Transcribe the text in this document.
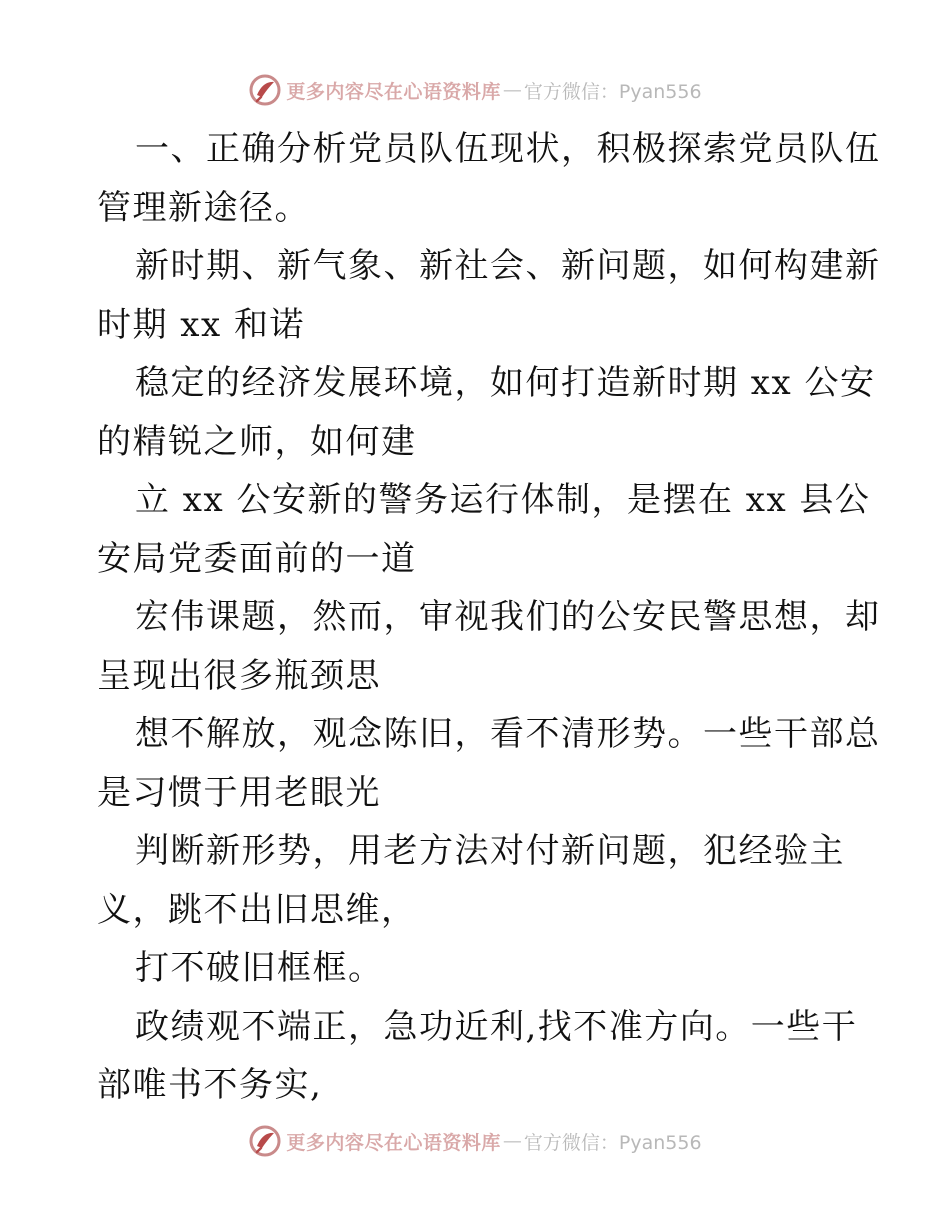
更多内容尽在心语资料库 — 官方微信：Pyan556

一、正确分析党员队伍现状，积极探索党员队伍
管理新途径。

新时期、新气象、新社会、新问题，如何构建新
时期 xx 和诺

稳定的经济发展环境，如何打造新时期 xx 公安
的精锐之师，如何建

立 xx 公安新的警务运行体制，是摆在 xx 县公
安局党委面前的一道

宏伟课题，然而，审视我们的公安民警思想，却
呈现出很多瓶颈思

想不解放，观念陈旧，看不清形势。一些干部总
是习惯于用老眼光

判断新形势，用老方法对付新问题，犯经验主
义，跳不出旧思维，

打不破旧框框。

政绩观不端正，急功近利,找不准方向。一些干
部唯书不务实,

更多内容尽在心语资料库 — 官方微信：Pyan556
